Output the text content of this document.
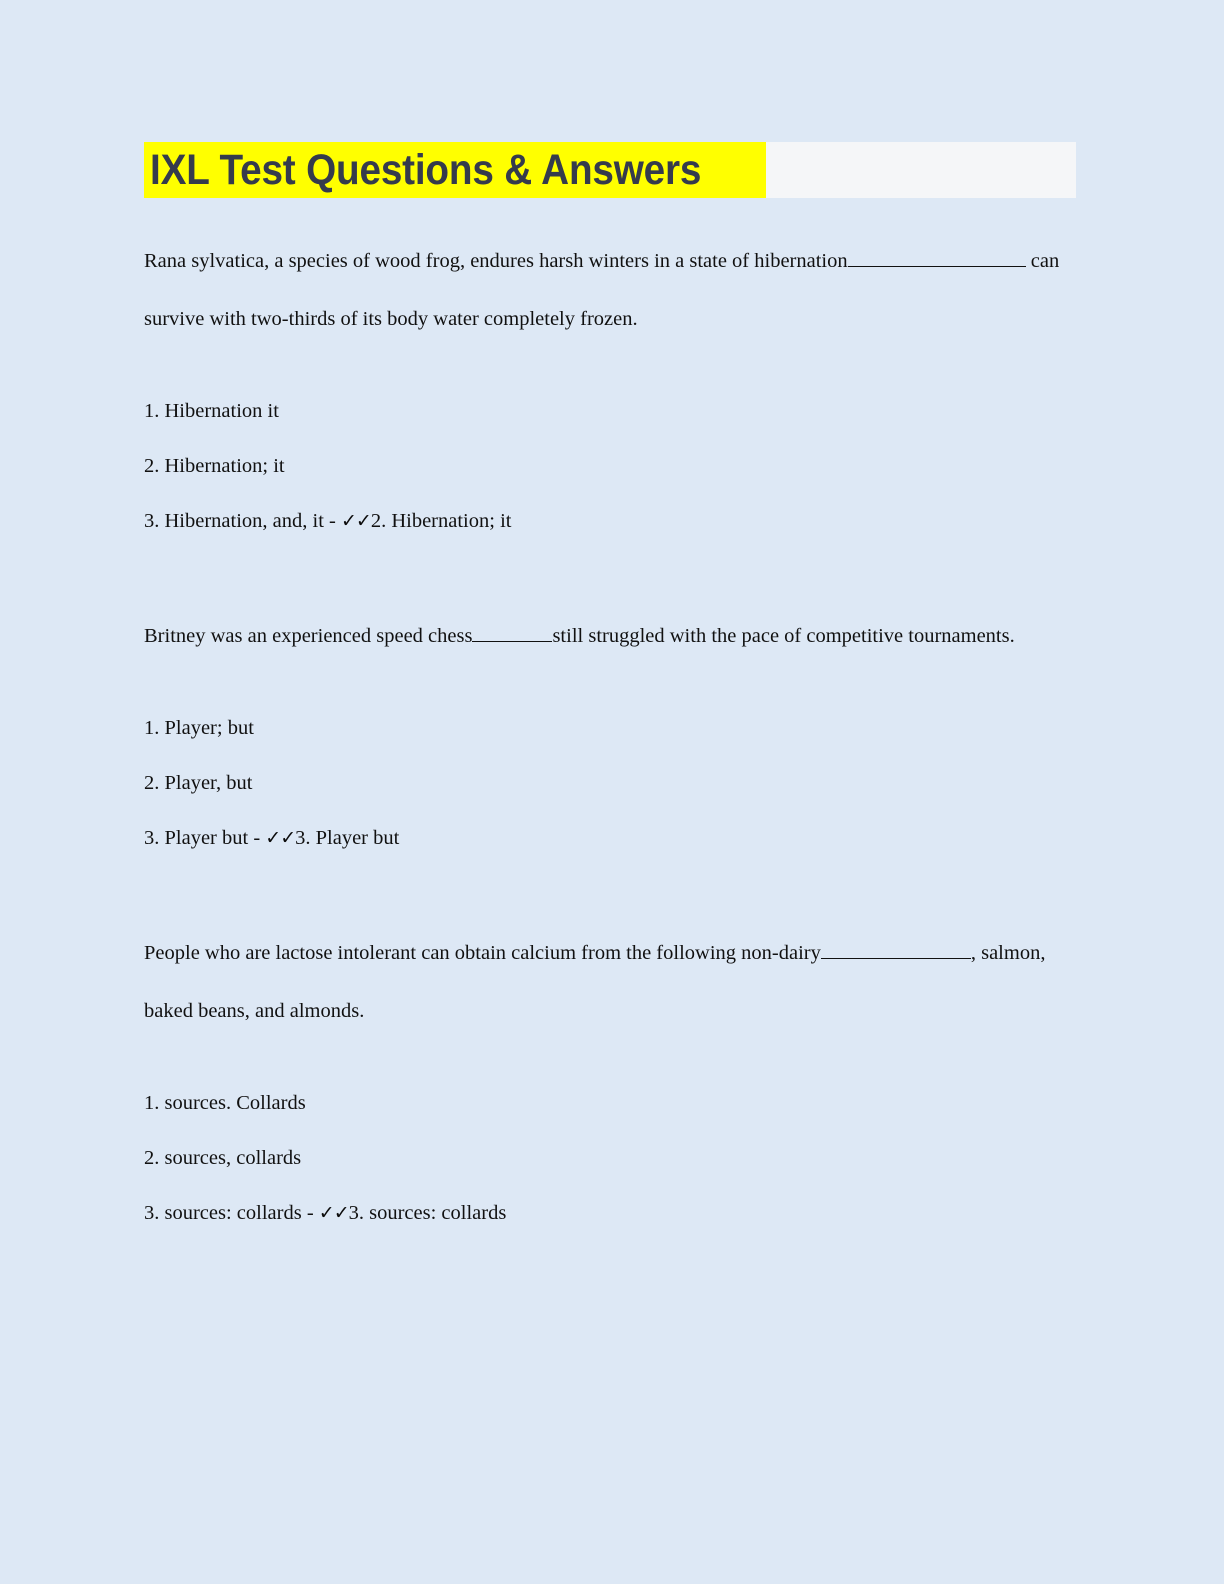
IXL Test Questions & Answers

Rana sylvatica, a species of wood frog, endures harsh winters in a state of hibernation	can survive with two-thirds of its body water completely frozen.

1. Hibernation it
2. Hibernation; it
3. Hibernation, and, it - ✓✓2. Hibernation; it

Britney was an experienced speed chess	still struggled with the pace of competitive tournaments.

1. Player; but
2. Player, but
3. Player but - ✓✓3. Player but

People who are lactose intolerant can obtain calcium from the following non-dairy	, salmon, baked beans, and almonds.

1. sources. Collards
2. sources, collards
3. sources: collards - ✓✓3. sources: collards
